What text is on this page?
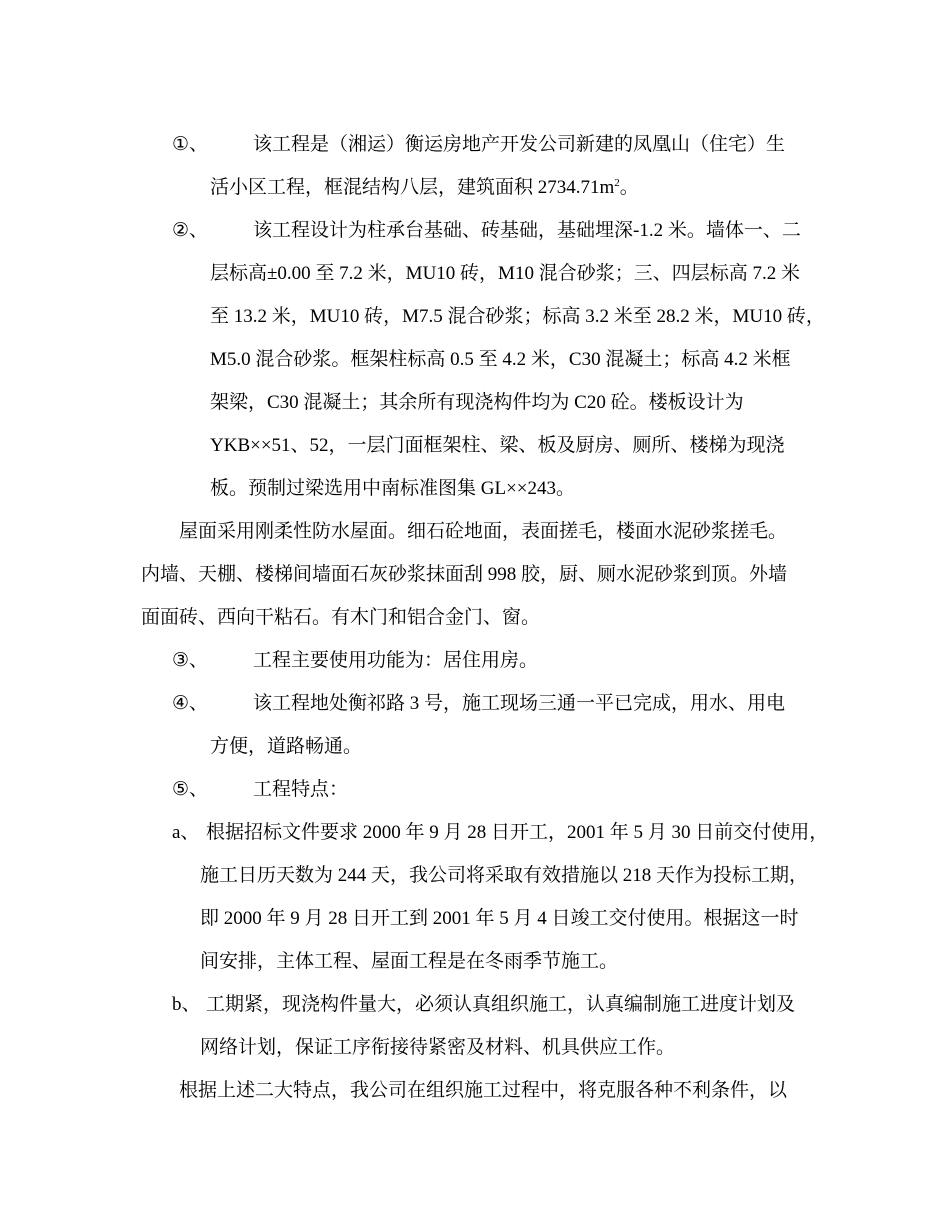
①、 该工程是（湘运）衡运房地产开发公司新建的凤凰山（住宅）生
活小区工程，框混结构八层，建筑面积 $2734.71m^2$。
②、 该工程设计为柱承台基础、砖基础，基础埋深-1.2 米。墙体一、二
层标高±0.00 至 7.2 米，MU10 砖，M10 混合砂浆；三、四层标高 7.2 米
至 13.2 米，MU10 砖，M7.5 混合砂浆；标高 3.2 米至 28.2 米，MU10 砖，
M5.0 混合砂浆。框架柱标高 0.5 至 4.2 米，C30 混凝土；标高 4.2 米框
架梁，C30 混凝土；其余所有现浇构件均为 C20 砼。楼板设计为
YKB××51、52，一层门面框架柱、梁、板及厨房、厕所、楼梯为现浇
板。预制过梁选用中南标准图集 GL××243。
屋面采用刚柔性防水屋面。细石砼地面，表面搓毛，楼面水泥砂浆搓毛。
内墙、天棚、楼梯间墙面石灰砂浆抹面刮 998 胶，厨、厕水泥砂浆到顶。外墙
面面砖、西向干粘石。有木门和铝合金门、窗。
③、 工程主要使用功能为：居住用房。
④、 该工程地处衡祁路 3 号，施工现场三通一平已完成，用水、用电
方便，道路畅通。
⑤、 工程特点：
a、 根据招标文件要求 2000 年 9 月 28 日开工，2001 年 5 月 30 日前交付使用，
施工日历天数为 244 天，我公司将采取有效措施以 218 天作为投标工期，
即 2000 年 9 月 28 日开工到 2001 年 5 月 4 日竣工交付使用。根据这一时
间安排，主体工程、屋面工程是在冬雨季节施工。
b、 工期紧，现浇构件量大，必须认真组织施工，认真编制施工进度计划及
网络计划，保证工序衔接待紧密及材料、机具供应工作。
根据上述二大特点，我公司在组织施工过程中，将克服各种不利条件，以
